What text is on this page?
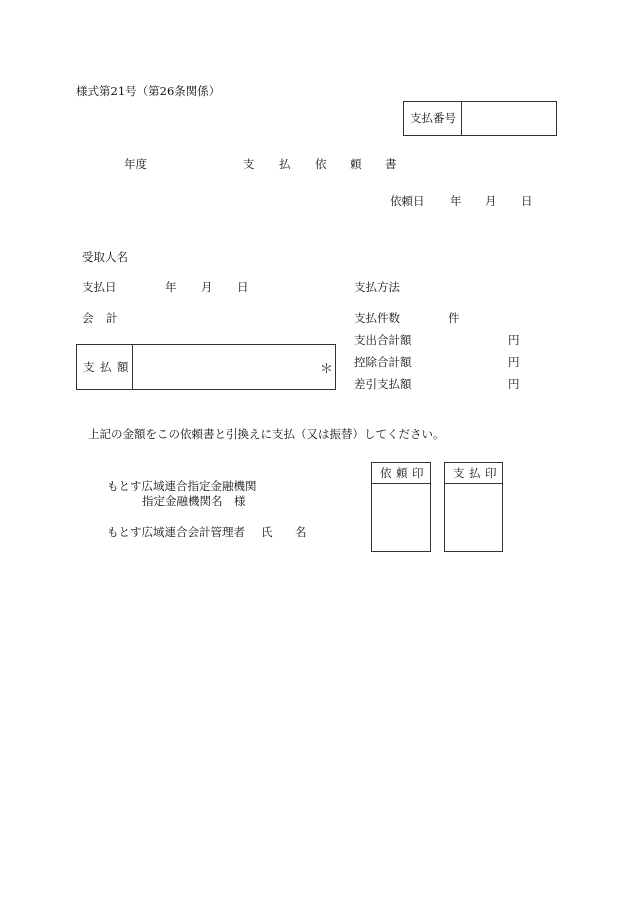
様式第21号（第26条関係）
支払番号
年度	支 払 依 頼 書
依頼日 年 月 日
受取人名
支払日	年 月 日	支払方法
会 計	支払件数	件
支 払 額	＊
支出合計額	円
控除合計額	円
差引支払額	円
上記の金額をこの依頼書と引換えに支払（又は振替）してください。
もとす広域連合指定金融機関
指定金融機関名　様
もとす広域連合会計管理者 氏 名
依 頼 印	支 払 印
